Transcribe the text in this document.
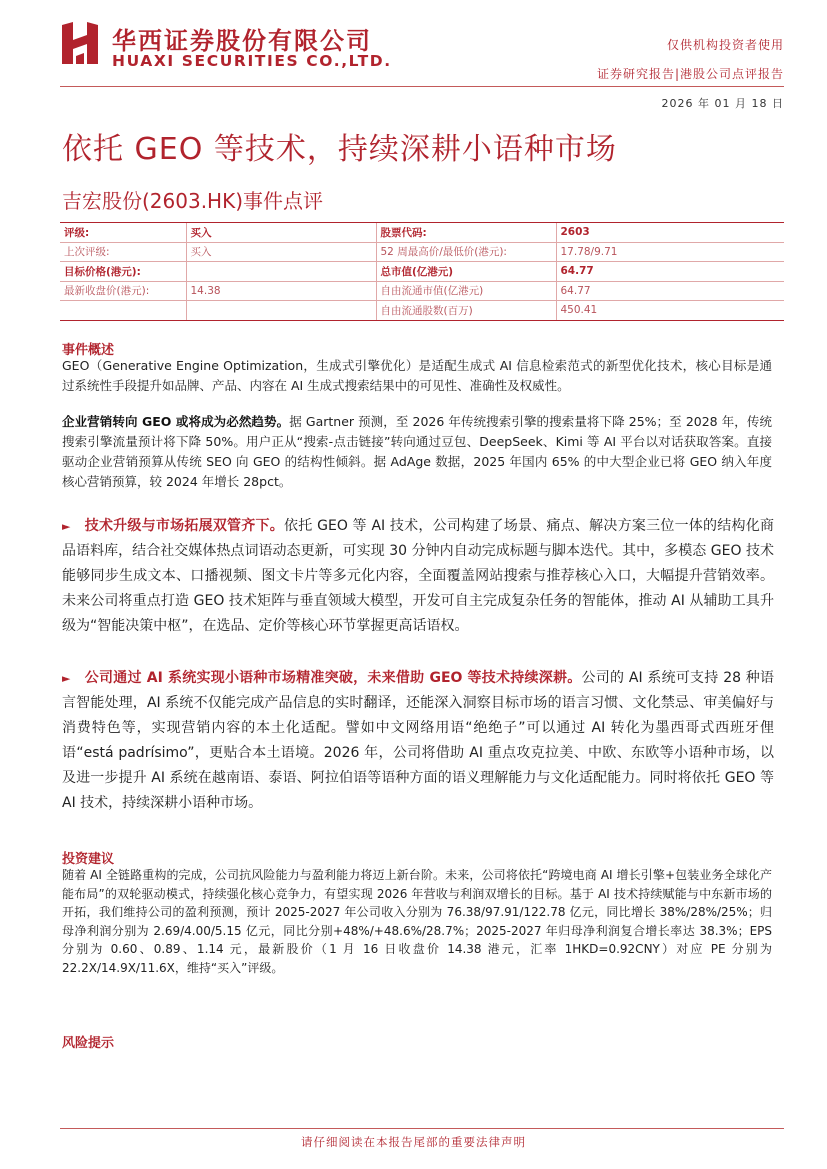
华西证券股份有限公司
HUAXI SECURITIES CO.,LTD.
仅供机构投资者使用
证券研究报告|港股公司点评报告
2026 年 01 月 18 日
依托 GEO 等技术，持续深耕小语种市场
吉宏股份(2603.HK)事件点评
评级:	买入	股票代码:	2603
上次评级:	买入	52 周最高价/最低价(港元):	17.78/9.71
目标价格(港元):		总市值(亿港元)	64.77
最新收盘价(港元):	14.38	自由流通市值(亿港元)	64.77
		自由流通股数(百万)	450.41
事件概述
GEO（Generative Engine Optimization，生成式引擎优化）是适配生成式 AI 信息检索范式的新型优化技术，核心目标是通过系统性手段提升如品牌、产品、内容在 AI 生成式搜索结果中的可见性、准确性及权威性。
企业营销转向 GEO 或将成为必然趋势。据 Gartner 预测，至 2026 年传统搜索引擎的搜索量将下降 25%；至 2028 年，传统搜索引擎流量预计将下降 50%。用户正从“搜索-点击链接”转向通过豆包、DeepSeek、Kimi 等 AI 平台以对话获取答案。直接驱动企业营销预算从传统 SEO 向 GEO 的结构性倾斜。据 AdAge 数据，2025 年国内 65% 的中大型企业已将 GEO 纳入年度核心营销预算，较 2024 年增长 28pct。
► 技术升级与市场拓展双管齐下。依托 GEO 等 AI 技术，公司构建了场景、痛点、解决方案三位一体的结构化商品语料库，结合社交媒体热点词语动态更新，可实现 30 分钟内自动完成标题与脚本迭代。其中，多模态 GEO 技术能够同步生成文本、口播视频、图文卡片等多元化内容，全面覆盖网站搜索与推荐核心入口，大幅提升营销效率。未来公司将重点打造 GEO 技术矩阵与垂直领域大模型，开发可自主完成复杂任务的智能体，推动 AI 从辅助工具升级为“智能决策中枢”，在选品、定价等核心环节掌握更高话语权。
► 公司通过 AI 系统实现小语种市场精准突破，未来借助 GEO 等技术持续深耕。公司的 AI 系统可支持 28 种语言智能处理，AI 系统不仅能完成产品信息的实时翻译，还能深入洞察目标市场的语言习惯、文化禁忌、审美偏好与消费特色等，实现营销内容的本土化适配。譬如中文网络用语“绝绝子”可以通过 AI 转化为墨西哥式西班牙俚语“está padrísimo”，更贴合本土语境。2026 年，公司将借助 AI 重点攻克拉美、中欧、东欧等小语种市场，以及进一步提升 AI 系统在越南语、泰语、阿拉伯语等语种方面的语义理解能力与文化适配能力。同时将依托 GEO 等 AI 技术，持续深耕小语种市场。
投资建议
随着 AI 全链路重构的完成，公司抗风险能力与盈利能力将迈上新台阶。未来，公司将依托“跨境电商 AI 增长引擎+包装业务全球化产能布局”的双轮驱动模式，持续强化核心竞争力，有望实现 2026 年营收与利润双增长的目标。基于 AI 技术持续赋能与中东新市场的开拓，我们维持公司的盈利预测，预计 2025-2027 年公司收入分别为 76.38/97.91/122.78 亿元，同比增长 38%/28%/25%；归母净利润分别为 2.69/4.00/5.15 亿元，同比分别+48%/+48.6%/28.7%；2025-2027 年归母净利润复合增长率达 38.3%；EPS 分别为 0.60、0.89、1.14 元，最新股价（1 月 16 日收盘价 14.38 港元，汇率 1HKD=0.92CNY）对应 PE 分别为 22.2X/14.9X/11.6X，维持“买入”评级。
风险提示
请仔细阅读在本报告尾部的重要法律声明
